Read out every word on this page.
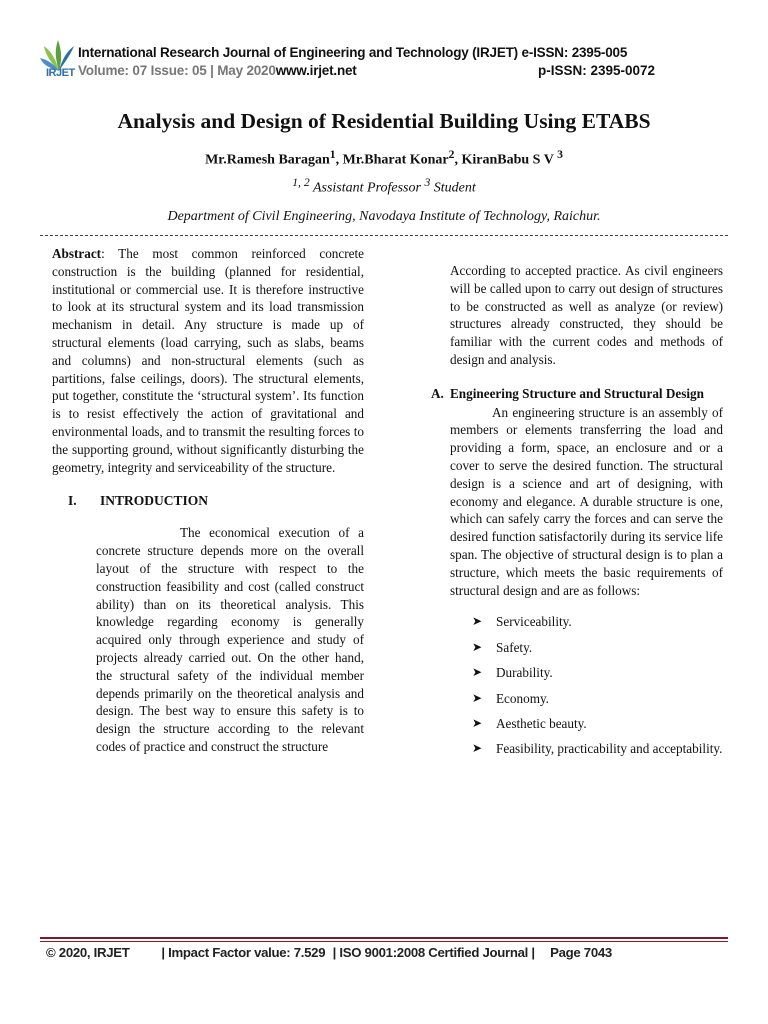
IRJET
International Research Journal of Engineering and Technology (IRJET) e-ISSN: 2395-005
Volume: 07 Issue: 05 | May 2020www.irjet.net	p-ISSN: 2395-0072
Analysis and Design of Residential Building Using ETABS
Mr.Ramesh Baragan$^1$, Mr.Bharat Konar$^2$, KiranBabu S V $^3$
$^{1, 2}$ Assistant Professor $^3$ Student
Department of Civil Engineering, Navodaya Institute of Technology, Raichur.

Abstract: The most common reinforced concrete construction is the building (planned for residential, institutional or commercial use. It is therefore instructive to look at its structural system and its load transmission mechanism in detail. Any structure is made up of structural elements (load carrying, such as slabs, beams and columns) and non-structural elements (such as partitions, false ceilings, doors). The structural elements, put together, constitute the ‘structural system’. Its function is to resist effectively the action of gravitational and environmental loads, and to transmit the resulting forces to the supporting ground, without significantly disturbing the geometry, integrity and serviceability of the structure.

I. INTRODUCTION

The economical execution of a concrete structure depends more on the overall layout of the structure with respect to the construction feasibility and cost (called construct ability) than on its theoretical analysis. This knowledge regarding economy is generally acquired only through experience and study of projects already carried out. On the other hand, the structural safety of the individual member depends primarily on the theoretical analysis and design. The best way to ensure this safety is to design the structure according to the relevant codes of practice and construct the structure

According to accepted practice. As civil engineers will be called upon to carry out design of structures to be constructed as well as analyze (or review) structures already constructed, they should be familiar with the current codes and methods of design and analysis.

A. Engineering Structure and Structural Design

An engineering structure is an assembly of members or elements transferring the load and providing a form, space, an enclosure and or a cover to serve the desired function. The structural design is a science and art of designing, with economy and elegance. A durable structure is one, which can safely carry the forces and can serve the desired function satisfactorily during its service life span. The objective of structural design is to plan a structure, which meets the basic requirements of structural design and are as follows:

➤ Serviceability.
➤ Safety.
➤ Durability.
➤ Economy.
➤ Aesthetic beauty.
➤ Feasibility, practicability and acceptability.
© 2020, IRJET | Impact Factor value: 7.529 | ISO 9001:2008 Certified Journal | Page 7043
